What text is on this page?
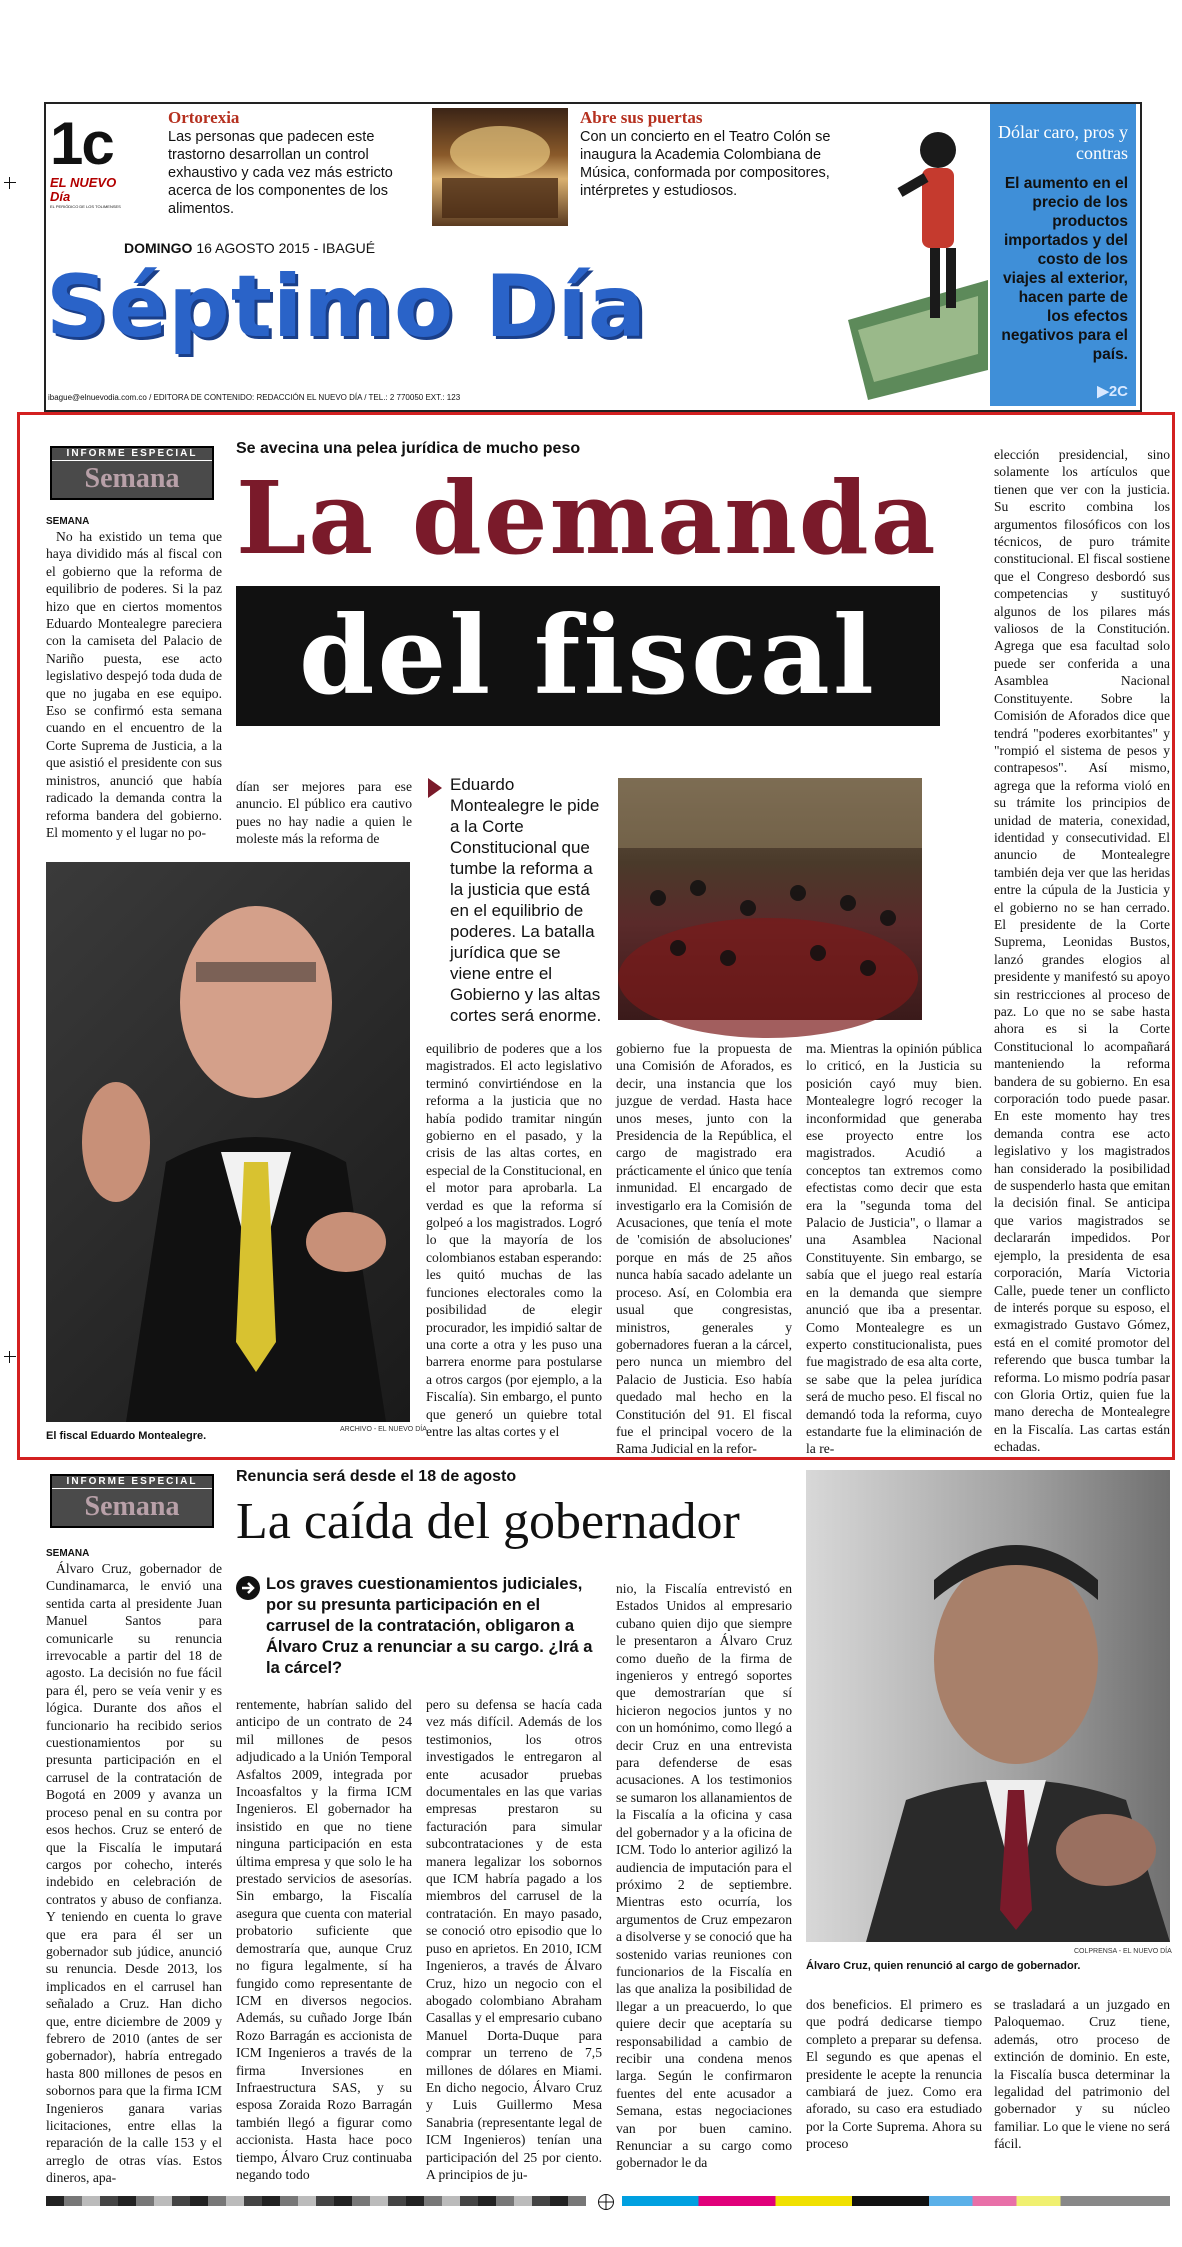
1c
EL NUEVO Día
EL PERIÓDICO DE LOS TOLIMENSES
Ortorexia
Las personas que padecen este trastorno desarrollan un control exhaustivo y cada vez más estricto acerca de los componentes de los alimentos.
Abre sus puertas
Con un concierto en el Teatro Colón se inaugura la Academia Colombiana de Música, conformada por compositores, intérpretes y estudiosos.
DOMINGO 16 AGOSTO 2015 - IBAGUÉ
Séptimo Día
ibague@elnuevodia.com.co / EDITORA DE CONTENIDO: REDACCIÓN EL NUEVO DÍA / TEL.: 2 770050 EXT.: 123
Dólar caro, pros y contras
El aumento en el precio de los productos importados y del costo de los viajes al exterior, hacen parte de los efectos negativos para el país.
▶2C
INFORME ESPECIAL
Semana
SEMANA
Se avecina una pelea jurídica de mucho peso
La demanda
del fiscal

No ha existido un tema que haya dividido más al fiscal con el gobierno que la reforma de equilibrio de poderes. Si la paz hizo que en ciertos momentos Eduardo Montealegre pareciera con la camiseta del Palacio de Nariño puesta, ese acto legislativo despejó toda duda de que no jugaba en ese equipo. Eso se confirmó esta semana cuando en el encuentro de la Corte Suprema de Justicia, a la que asistió el presidente con sus ministros, anunció que había radicado la demanda contra la reforma bandera del gobierno. El momento y el lugar no po-

dían ser mejores para ese anuncio. El público era cautivo pues no hay nadie a quien le moleste más la reforma de

El fiscal Eduardo Montealegre.
ARCHIVO - EL NUEVO DÍA
Eduardo Montealegre le pide a la Corte Constitucional que tumbe la reforma a la justicia que está en el equilibrio de poderes. La batalla jurídica que se viene entre el Gobierno y las altas cortes será enorme.

equilibrio de poderes que a los magistrados. El acto legislativo terminó convirtiéndose en la reforma a la justicia que no había podido tramitar ningún gobierno en el pasado, y la crisis de las altas cortes, en especial de la Constitucional, en el motor para aprobarla. La verdad es que la reforma sí golpeó a los magistrados. Logró lo que la mayoría de los colombianos estaban esperando: les quitó muchas de las funciones electorales como la posibilidad de elegir procurador, les impidió saltar de una corte a otra y les puso una barrera enorme para postularse a otros cargos (por ejemplo, a la Fiscalía). Sin embargo, el punto que generó un quiebre total entre las altas cortes y el

gobierno fue la propuesta de una Comisión de Aforados, es decir, una instancia que los juzgue de verdad. Hasta hace unos meses, junto con la Presidencia de la República, el cargo de magistrado era prácticamente el único que tenía inmunidad. El encargado de investigarlo era la Comisión de Acusaciones, que tenía el mote de 'comisión de absoluciones' porque en más de 25 años nunca había sacado adelante un proceso. Así, en Colombia era usual que congresistas, ministros, generales y gobernadores fueran a la cárcel, pero nunca un miembro del Palacio de Justicia. Eso había quedado mal hecho en la Constitución del 91. El fiscal fue el principal vocero de la Rama Judicial en la refor-

ma. Mientras la opinión pública lo criticó, en la Justicia su posición cayó muy bien. Montealegre logró recoger la inconformidad que generaba ese proyecto entre los magistrados. Acudió a conceptos tan extremos como efectistas como decir que esta era la "segunda toma del Palacio de Justicia", o llamar a una Asamblea Nacional Constituyente. Sin embargo, se sabía que el juego real estaría en la demanda que siempre anunció que iba a presentar. Como Montealegre es un experto constitucionalista, pues fue magistrado de esa alta corte, se sabe que la pelea jurídica será de mucho peso. El fiscal no demandó toda la reforma, cuyo estandarte fue la eliminación de la re-

elección presidencial, sino solamente los artículos que tienen que ver con la justicia. Su escrito combina los argumentos filosóficos con los técnicos, de puro trámite constitucional. El fiscal sostiene que el Congreso desbordó sus competencias y sustituyó algunos de los pilares más valiosos de la Constitución. Agrega que esa facultad solo puede ser conferida a una Asamblea Nacional Constituyente. Sobre la Comisión de Aforados dice que tendrá "poderes exorbitantes" y "rompió el sistema de pesos y contrapesos". Así mismo, agrega que la reforma violó en su trámite los principios de unidad de materia, conexidad, identidad y consecutividad. El anuncio de Montealegre también deja ver que las heridas entre la cúpula de la Justicia y el gobierno no se han cerrado. El presidente de la Corte Suprema, Leonidas Bustos, lanzó grandes elogios al presidente y manifestó su apoyo sin restricciones al proceso de paz. Lo que no se sabe hasta ahora es si la Corte Constitucional lo acompañará manteniendo la reforma bandera de su gobierno. En esa corporación todo puede pasar. En este momento hay tres demanda contra ese acto legislativo y los magistrados han considerado la posibilidad de suspenderlo hasta que emitan la decisión final. Se anticipa que varios magistrados se declararán impedidos. Por ejemplo, la presidenta de esa corporación, María Victoria Calle, puede tener un conflicto de interés porque su esposo, el exmagistrado Gustavo Gómez, está en el comité promotor del referendo que busca tumbar la reforma. Lo mismo podría pasar con Gloria Ortiz, quien fue la mano derecha de Montealegre en la Fiscalía. Las cartas están echadas.

INFORME ESPECIAL
Semana
SEMANA
Renuncia será desde el 18 de agosto
La caída del gobernador
Los graves cuestionamientos judiciales, por su presunta participación en el carrusel de la contratación, obligaron a Álvaro Cruz a renunciar a su cargo. ¿Irá a la cárcel?

Álvaro Cruz, gobernador de Cundinamarca, le envió una sentida carta al presidente Juan Manuel Santos para comunicarle su renuncia irrevocable a partir del 18 de agosto. La decisión no fue fácil para él, pero se veía venir y es lógica. Durante dos años el funcionario ha recibido serios cuestionamientos por su presunta participación en el carrusel de la contratación de Bogotá en 2009 y avanza un proceso penal en su contra por esos hechos. Cruz se enteró de que la Fiscalía le imputará cargos por cohecho, interés indebido en celebración de contratos y abuso de confianza. Y teniendo en cuenta lo grave que era para él ser un gobernador sub júdice, anunció su renuncia. Desde 2013, los implicados en el carrusel han señalado a Cruz. Han dicho que, entre diciembre de 2009 y febrero de 2010 (antes de ser gobernador), habría entregado hasta 800 millones de pesos en sobornos para que la firma ICM Ingenieros ganara varias licitaciones, entre ellas la reparación de la calle 153 y el arreglo de otras vías. Estos dineros, apa-

rentemente, habrían salido del anticipo de un contrato de 24 mil millones de pesos adjudicado a la Unión Temporal Asfaltos 2009, integrada por Incoasfaltos y la firma ICM Ingenieros. El gobernador ha insistido en que no tiene ninguna participación en esta última empresa y que solo le ha prestado servicios de asesorías. Sin embargo, la Fiscalía asegura que cuenta con material probatorio suficiente que demostraría que, aunque Cruz no figura legalmente, sí ha fungido como representante de ICM en diversos negocios. Además, su cuñado Jorge Ibán Rozo Barragán es accionista de ICM Ingenieros a través de la firma Inversiones en Infraestructura SAS, y su esposa Zoraida Rozo Barragán también llegó a figurar como accionista. Hasta hace poco tiempo, Álvaro Cruz continuaba negando todo

pero su defensa se hacía cada vez más difícil. Además de los testimonios, los otros investigados le entregaron al ente acusador pruebas documentales en las que varias empresas prestaron su facturación para simular subcontrataciones y de esta manera legalizar los sobornos que ICM habría pagado a los miembros del carrusel de la contratación. En mayo pasado, se conoció otro episodio que lo puso en aprietos. En 2010, ICM Ingenieros, a través de Álvaro Cruz, hizo un negocio con el abogado colombiano Abraham Casallas y el empresario cubano Manuel Dorta-Duque para comprar un terreno de 7,5 millones de dólares en Miami. En dicho negocio, Álvaro Cruz y Luis Guillermo Mesa Sanabria (representante legal de ICM Ingenieros) tenían una participación del 25 por ciento. A principios de ju-

nio, la Fiscalía entrevistó en Estados Unidos al empresario cubano quien dijo que siempre le presentaron a Álvaro Cruz como dueño de la firma de ingenieros y entregó soportes que demostrarían que sí hicieron negocios juntos y no con un homónimo, como llegó a decir Cruz en una entrevista para defenderse de esas acusaciones. A los testimonios se sumaron los allanamientos de la Fiscalía a la oficina y casa del gobernador y a la oficina de ICM. Todo lo anterior agilizó la audiencia de imputación para el próximo 2 de septiembre. Mientras esto ocurría, los argumentos de Cruz empezaron a disolverse y se conoció que ha sostenido varias reuniones con funcionarios de la Fiscalía en las que analiza la posibilidad de llegar a un preacuerdo, lo que quiere decir que aceptaría su responsabilidad a cambio de recibir una condena menos larga. Según le confirmaron fuentes del ente acusador a Semana, estas negociaciones van por buen camino. Renunciar a su cargo como gobernador le da

COLPRENSA - EL NUEVO DÍA
Álvaro Cruz, quien renunció al cargo de gobernador.

dos beneficios. El primero es que podrá dedicarse tiempo completo a preparar su defensa. El segundo es que apenas el presidente le acepte la renuncia cambiará de juez. Como era aforado, su caso era estudiado por la Corte Suprema. Ahora su proceso

se trasladará a un juzgado en Paloquemao. Cruz tiene, además, otro proceso de extinción de dominio. En este, la Fiscalía busca determinar la legalidad del patrimonio del gobernador y su núcleo familiar. Lo que le viene no será fácil.
